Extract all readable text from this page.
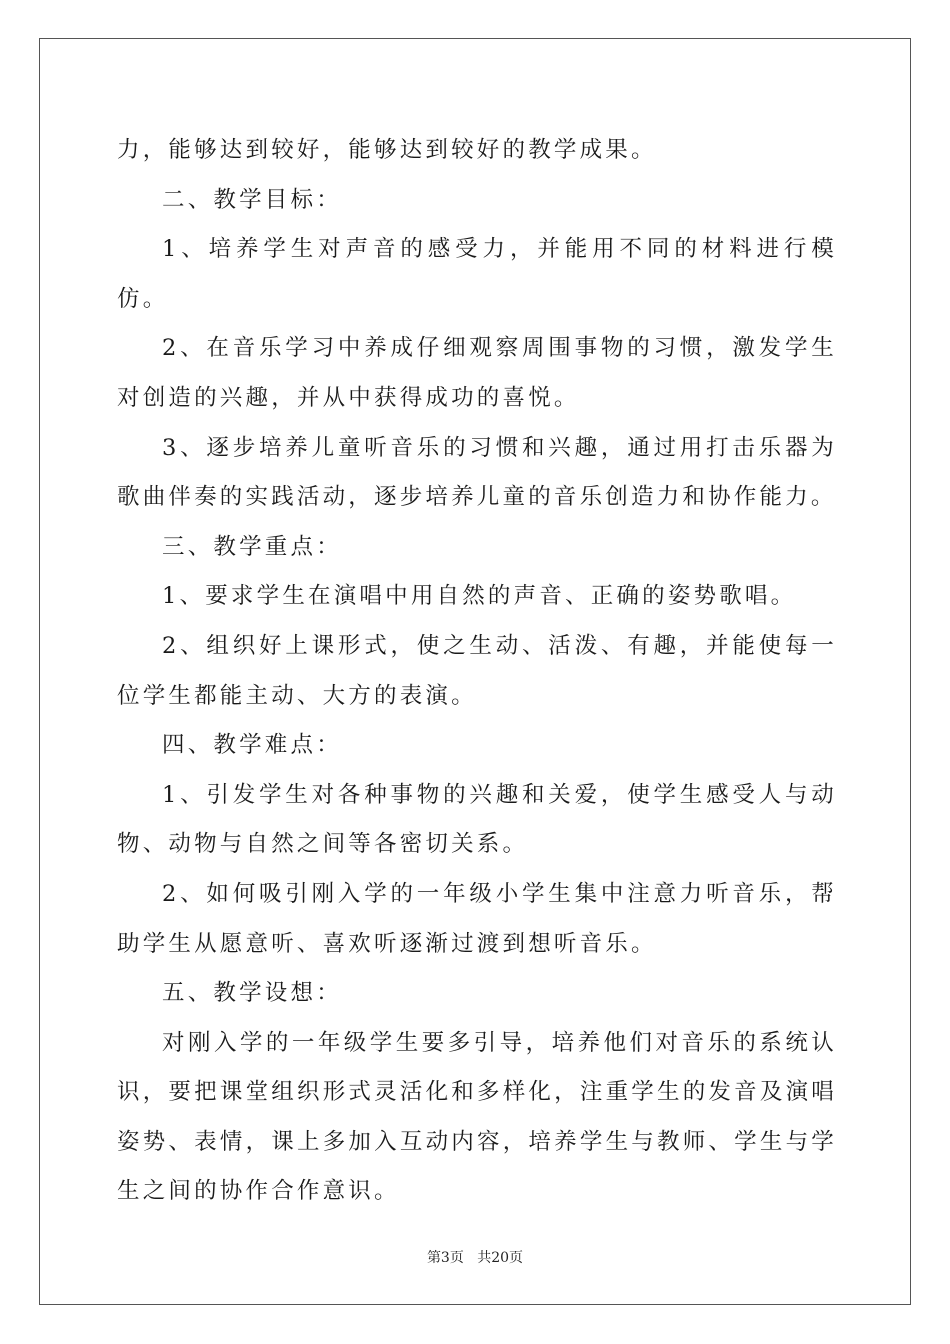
力，能够达到较好，能够达到较好的教学成果。

二、教学目标：

1、培养学生对声音的感受力，并能用不同的材料进行模仿。

2、在音乐学习中养成仔细观察周围事物的习惯，激发学生对创造的兴趣，并从中获得成功的喜悦。

3、逐步培养儿童听音乐的习惯和兴趣，通过用打击乐器为歌曲伴奏的实践活动，逐步培养儿童的音乐创造力和协作能力。

三、教学重点：

1、要求学生在演唱中用自然的声音、正确的姿势歌唱。

2、组织好上课形式，使之生动、活泼、有趣，并能使每一位学生都能主动、大方的表演。

四、教学难点：

1、引发学生对各种事物的兴趣和关爱，使学生感受人与动物、动物与自然之间等各密切关系。

2、如何吸引刚入学的一年级小学生集中注意力听音乐，帮助学生从愿意听、喜欢听逐渐过渡到想听音乐。

五、教学设想：

对刚入学的一年级学生要多引导，培养他们对音乐的系统认识，要把课堂组织形式灵活化和多样化，注重学生的发音及演唱姿势、表情，课上多加入互动内容，培养学生与教师、学生与学生之间的协作合作意识。

第3页 共20页
